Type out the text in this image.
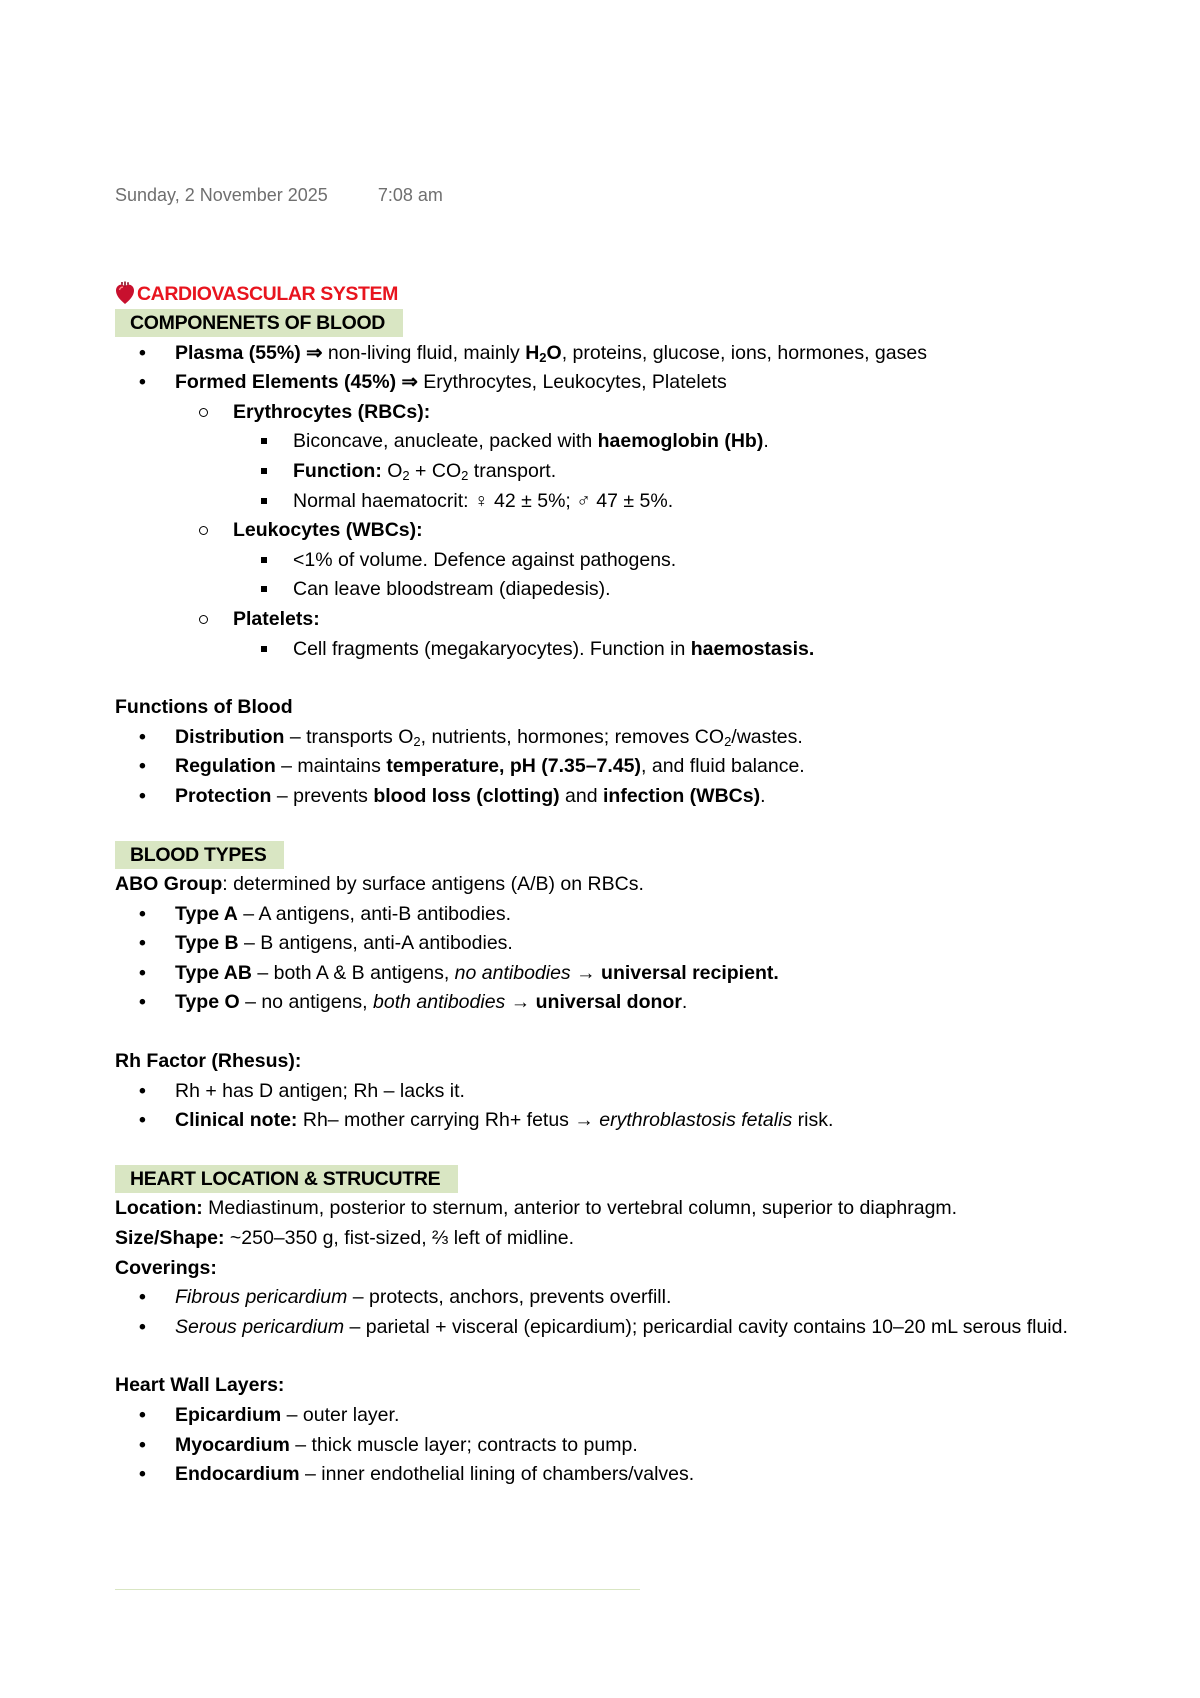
Sunday, 2 November 2025	7:08 am
CARDIOVASCULAR SYSTEM
COMPONENETS OF BLOOD
• Plasma (55%) ⇒ non-living fluid, mainly $H_2O$, proteins, glucose, ions, hormones, gases
• Formed Elements (45%) ⇒ Erythrocytes, Leukocytes, Platelets
Erythrocytes (RBCs):
Biconcave, anucleate, packed with haemoglobin (Hb).
Function: $O_2 + CO_2$ transport.
Normal haematocrit: ♀ 42 ± 5%; ♂ 47 ± 5%.
Leukocytes (WBCs):
<1% of volume. Defence against pathogens.
Can leave bloodstream (diapedesis).
Platelets:
Cell fragments (megakaryocytes). Function in haemostasis.
Functions of Blood
• Distribution – transports $O_2$, nutrients, hormones; removes $CO_2$/wastes.
• Regulation – maintains temperature, pH (7.35–7.45), and fluid balance.
• Protection – prevents blood loss (clotting) and infection (WBCs).
BLOOD TYPES
ABO Group: determined by surface antigens (A/B) on RBCs.
• Type A – A antigens, anti-B antibodies.
• Type B – B antigens, anti-A antibodies.
• Type AB – both A & B antigens, no antibodies → universal recipient.
• Type O – no antigens, both antibodies → universal donor.
Rh Factor (Rhesus):
• Rh + has D antigen; Rh – lacks it.
• Clinical note: Rh– mother carrying Rh+ fetus → erythroblastosis fetalis risk.
HEART LOCATION & STRUCUTRE
Location: Mediastinum, posterior to sternum, anterior to vertebral column, superior to diaphragm.
Size/Shape: ~250–350 g, fist-sized, ⅔ left of midline.
Coverings:
• Fibrous pericardium – protects, anchors, prevents overfill.
• Serous pericardium – parietal + visceral (epicardium); pericardial cavity contains 10–20 mL serous fluid.
Heart Wall Layers:
• Epicardium – outer layer.
• Myocardium – thick muscle layer; contracts to pump.
• Endocardium – inner endothelial lining of chambers/valves.
